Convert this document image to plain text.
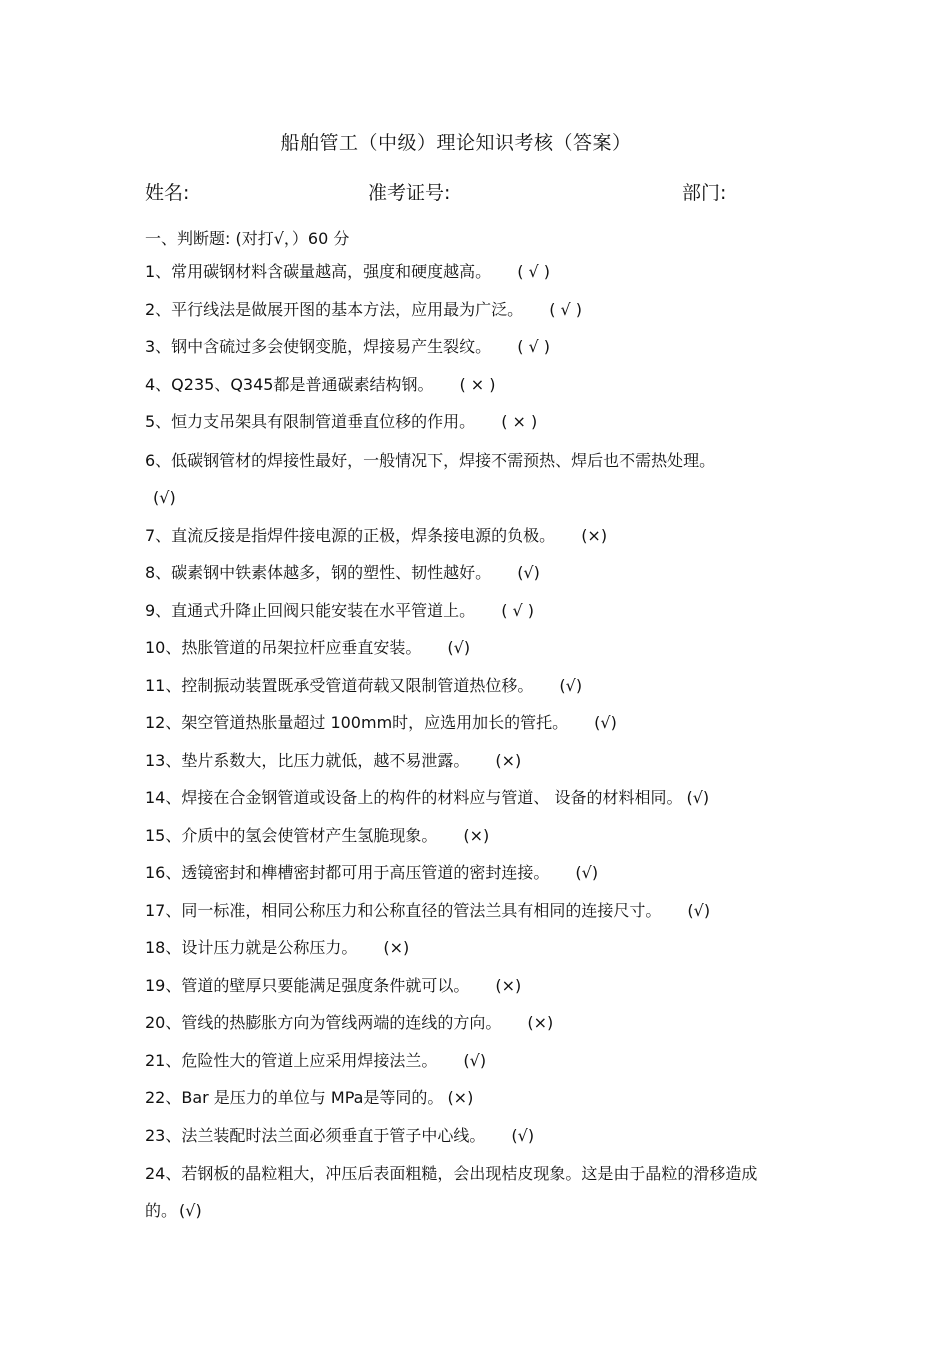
船舶管工（中级）理论知识考核（答案）
姓名:	准考证号:	部门:
一、判断题: (对打√，）60 分
1、常用碳钢材料含碳量越高，强度和硬度越高。 ( √ )
2、平行线法是做展开图的基本方法，应用最为广泛。 ( √ )
3、钢中含硫过多会使钢变脆，焊接易产生裂纹。 ( √ )
4、Q235、Q345都是普通碳素结构钢。 ( × )
5、恒力支吊架具有限制管道垂直位移的作用。 ( × )
6、低碳钢管材的焊接性最好，一般情况下，焊接不需预热、焊后也不需热处理。
(√)
7、直流反接是指焊件接电源的正极，焊条接电源的负极。 (×)
8、碳素钢中铁素体越多，钢的塑性、韧性越好。 (√)
9、直通式升降止回阀只能安装在水平管道上。 ( √ )
10、热胀管道的吊架拉杆应垂直安装。 (√)
11、控制振动装置既承受管道荷载又限制管道热位移。 (√)
12、架空管道热胀量超过 100mm时，应选用加长的管托。 (√)
13、垫片系数大，比压力就低，越不易泄露。 (×)
14、焊接在合金钢管道或设备上的构件的材料应与管道、 设备的材料相同。 (√)
15、介质中的氢会使管材产生氢脆现象。 (×)
16、透镜密封和榫槽密封都可用于高压管道的密封连接。 (√)
17、同一标准，相同公称压力和公称直径的管法兰具有相同的连接尺寸。 (√)
18、设计压力就是公称压力。 (×)
19、管道的壁厚只要能满足强度条件就可以。 (×)
20、管线的热膨胀方向为管线两端的连线的方向。 (×)
21、危险性大的管道上应采用焊接法兰。 (√)
22、Bar 是压力的单位与 MPa是等同的。 (×)
23、法兰装配时法兰面必须垂直于管子中心线。 (√)
24、若钢板的晶粒粗大，冲压后表面粗糙，会出现桔皮现象。这是由于晶粒的滑移造成的。 (√)
